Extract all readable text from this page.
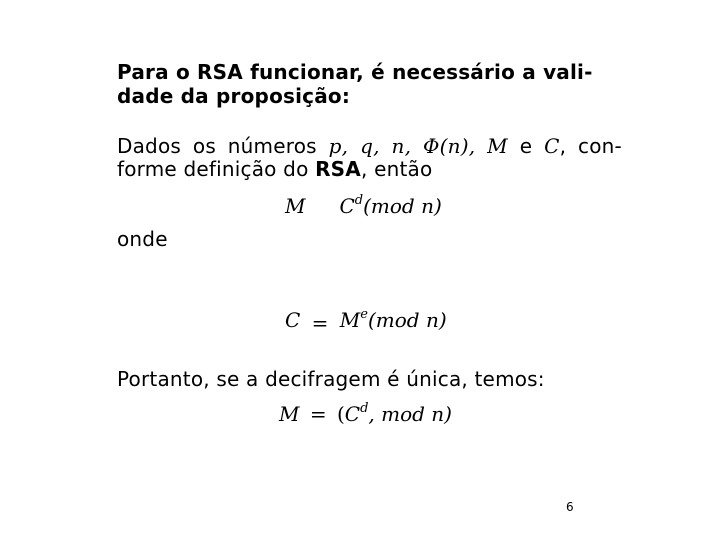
Para o RSA funcionar, é necessário a vali-
dade da proposição:
Dados os números p, q, n, Φ(n), M e C, con-
forme definição do RSA, então
M $C^d(mod$ n)
onde
$C = M^e(mod$ n)
Portanto, se a decifragem é única, temos:
$M = (C^d$, mod n)
6
